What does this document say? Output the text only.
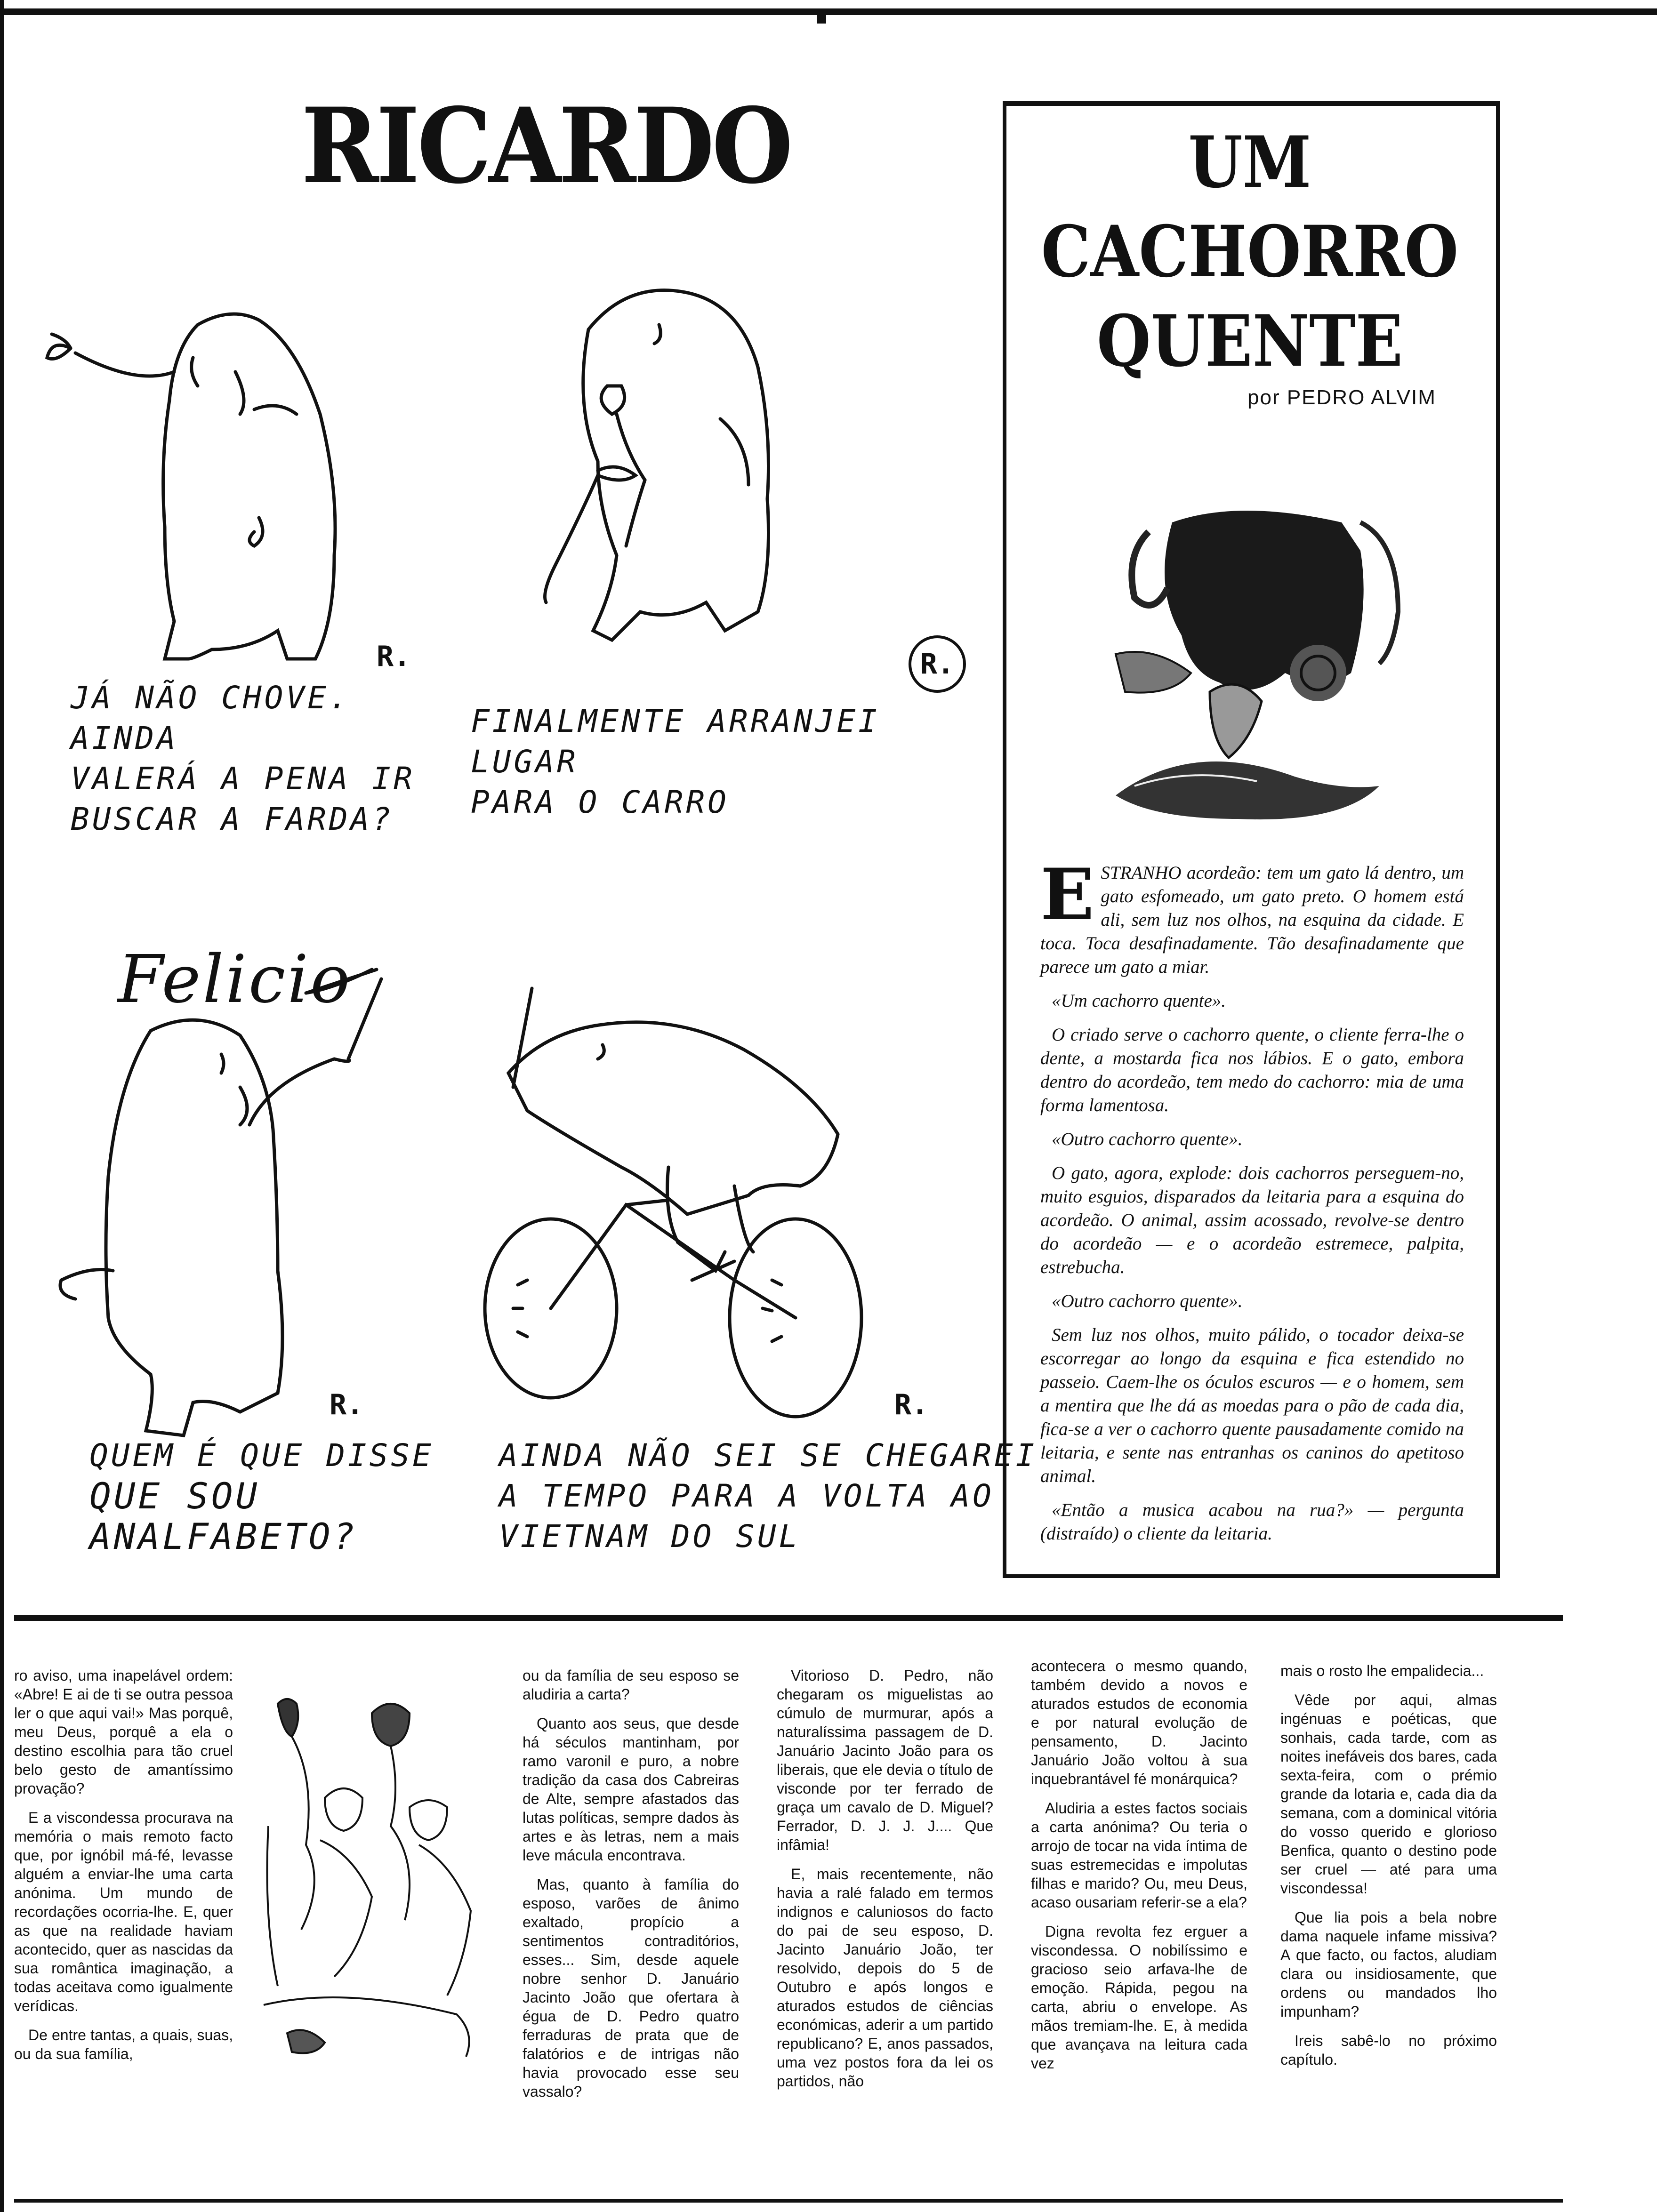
RICARDO
R.
JÁ NÃO CHOVE. AINDA
VALERÁ A PENA IR
BUSCAR A FARDA?
R.
FINALMENTE ARRANJEI LUGAR
PARA O CARRO
Felicio
R.
QUEM É QUE DISSE
QUE SOU ANALFABETO?
R.
AINDA NÃO SEI SE CHEGAREI
A TEMPO PARA A VOLTA AO
VIETNAM DO SUL
UM
CACHORRO
QUENTE
por PEDRO ALVIM

ESTRANHO acordeão: tem um gato lá dentro, um gato esfomeado, um gato preto. O homem está ali, sem luz nos olhos, na esquina da cidade. E toca. Toca desafinadamente. Tão desafinadamente que parece um gato a miar.

«Um cachorro quente».

O criado serve o cachorro quente, o cliente ferra-lhe o dente, a mostarda fica nos lábios. E o gato, embora dentro do acordeão, tem medo do cachorro: mia de uma forma lamentosa.

«Outro cachorro quente».

O gato, agora, explode: dois cachorros perseguem-no, muito esguios, disparados da leitaria para a esquina do acordeão. O animal, assim acossado, revolve-se dentro do acordeão — e o acordeão estremece, palpita, estrebucha.

«Outro cachorro quente».

Sem luz nos olhos, muito pálido, o tocador deixa-se escorregar ao longo da esquina e fica estendido no passeio. Caem-lhe os óculos escuros — e o homem, sem a mentira que lhe dá as moedas para o pão de cada dia, fica-se a ver o cachorro quente pausadamente comido na leitaria, e sente nas entranhas os caninos do apetitoso animal.

«Então a musica acabou na rua?» — pergunta (distraído) o cliente da leitaria.

ro aviso, uma inapelável ordem: «Abre! E ai de ti se outra pessoa ler o que aqui vai!» Mas porquê, meu Deus, porquê a ela o destino escolhia para tão cruel belo gesto de amantíssimo provação?

E a viscondessa procurava na memória o mais remoto facto que, por ignóbil má-fé, levasse alguém a enviar-lhe uma carta anónima. Um mundo de recordações ocorria-lhe. E, quer as que na realidade haviam acontecido, quer as nascidas da sua romântica imaginação, a todas aceitava como igualmente verídicas.

De entre tantas, a quais, suas, ou da sua família,

ou da família de seu esposo se aludiria a carta?

Quanto aos seus, que desde há séculos mantinham, por ramo varonil e puro, a nobre tradição da casa dos Cabreiras de Alte, sempre afastados das lutas políticas, sempre dados às artes e às letras, nem a mais leve mácula encontrava.

Mas, quanto à família do esposo, varões de ânimo exaltado, propício a sentimentos contraditórios, esses... Sim, desde aquele nobre senhor D. Januário Jacinto João que ofertara à égua de D. Pedro quatro ferraduras de prata que de falatórios e de intrigas não havia provocado esse seu vassalo?

Vitorioso D. Pedro, não chegaram os miguelistas ao cúmulo de murmurar, após a naturalíssima passagem de D. Januário Jacinto João para os liberais, que ele devia o título de visconde por ter ferrado de graça um cavalo de D. Miguel? Ferrador, D. J. J. J.... Que infâmia!

E, mais recentemente, não havia a ralé falado em termos indignos e caluniosos do facto do pai de seu esposo, D. Jacinto Januário João, ter resolvido, depois do 5 de Outubro e após longos e aturados estudos de ciências económicas, aderir a um partido republicano? E, anos passados, uma vez postos fora da lei os partidos, não

acontecera o mesmo quando, também devido a novos e aturados estudos de economia e por natural evolução de pensamento, D. Jacinto Januário João voltou à sua inquebrantável fé monárquica?

Aludiria a estes factos sociais a carta anónima? Ou teria o arrojo de tocar na vida íntima de suas estremecidas e impolutas filhas e marido? Ou, meu Deus, acaso ousariam referir-se a ela?

Digna revolta fez erguer a viscondessa. O nobilíssimo e gracioso seio arfava-lhe de emoção. Rápida, pegou na carta, abriu o envelope. As mãos tremiam-lhe. E, à medida que avançava na leitura cada vez

mais o rosto lhe empalidecia...

Vêde por aqui, almas ingénuas e poéticas, que sonhais, cada tarde, com as noites inefáveis dos bares, cada sexta-feira, com o prémio grande da lotaria e, cada dia da semana, com a dominical vitória do vosso querido e glorioso Benfica, quanto o destino pode ser cruel — até para uma viscondessa!

Que lia pois a bela nobre dama naquele infame missiva? A que facto, ou factos, aludiam clara ou insidiosamente, que ordens ou mandados lho impunham?

Ireis sabê-lo no próximo capítulo.
